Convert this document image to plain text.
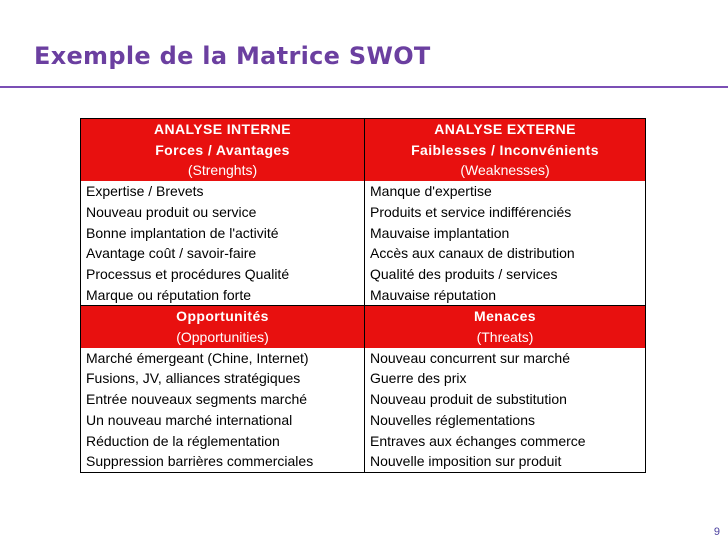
Exemple de la Matrice SWOT
ANALYSE INTERNE	ANALYSE EXTERNE
Forces / Avantages	Faiblesses / Inconvénients
(Strenghts)	(Weaknesses)
Expertise / Brevets	Manque d'expertise
Nouveau produit ou service	Produits et service indifférenciés
Bonne implantation de l'activité	Mauvaise implantation
Avantage coût / savoir-faire	Accès aux canaux de distribution
Processus et procédures Qualité	Qualité des produits / services
Marque ou réputation forte	Mauvaise réputation
Opportunités	Menaces
(Opportunities)	(Threats)
Marché émergeant (Chine, Internet)	Nouveau concurrent sur marché
Fusions, JV, alliances stratégiques	Guerre des prix
Entrée nouveaux segments marché	Nouveau produit de substitution
Un nouveau marché international	Nouvelles réglementations
Réduction de la réglementation	Entraves aux échanges commerce
Suppression barrières commerciales	Nouvelle imposition sur produit
9
